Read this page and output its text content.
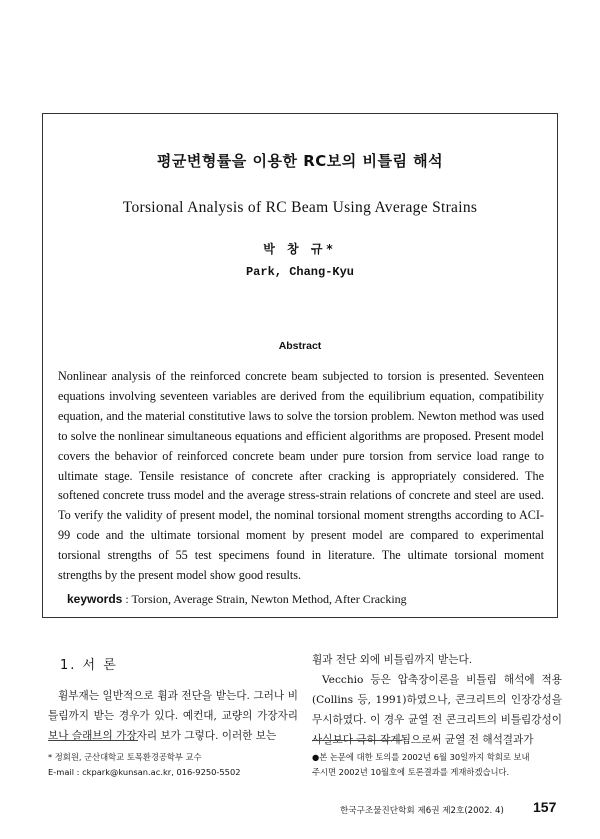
평균변형률을 이용한 RC보의 비틀림 해석
Torsional Analysis of RC Beam Using Average Strains
박 창 규*
Park, Chang-Kyu
Abstract

Nonlinear analysis of the reinforced concrete beam subjected to torsion is presented. Seventeen equations involving seventeen variables are derived from the equilibrium equation, compatibility equation, and the material constitutive laws to solve the torsion problem. Newton method was used to solve the nonlinear simultaneous equations and efficient algorithms are proposed. Present model covers the behavior of reinforced concrete beam under pure torsion from service load range to ultimate stage. Tensile resistance of concrete after cracking is appropriately considered. The softened concrete truss model and the average stress-strain relations of concrete and steel are used. To verify the validity of present model, the nominal torsional moment strengths according to ACI-99 code and the ultimate torsional moment by present model are compared to experimental torsional strengths of 55 test specimens found in literature. The ultimate torsional moment strengths by the present model show good results.

keywords : Torsion, Average Strain, Newton Method, After Cracking
1. 서 론

휨부재는 일반적으로 휨과 전단을 받는다. 그러나 비틀림까지 받는 경우가 있다. 예컨대, 교량의 가장자리 보나 슬래브의 가장자리 보가 그렇다. 이러한 보는

휨과 전단 외에 비틀림까지 받는다.

Vecchio 등은 압축장이론을 비틀림 해석에 적용(Collins 등, 1991)하였으나, 콘크리트의 인장강성을 무시하였다. 이 경우 균열 전 콘크리트의 비틀림강성이 사실보다 극히 작게됨으로써 균열 전 해석결과가

* 정회원, 군산대학교 토목환경공학부 교수
E-mail : ckpark@kunsan.ac.kr, 016-9250-5502

●본 논문에 대한 토의를 2002년 6월 30일까지 학회로 보내
주시면 2002년 10월호에 토론결과를 게재하겠습니다.

한국구조물진단학회 제6권 제2호(2002. 4) 157
